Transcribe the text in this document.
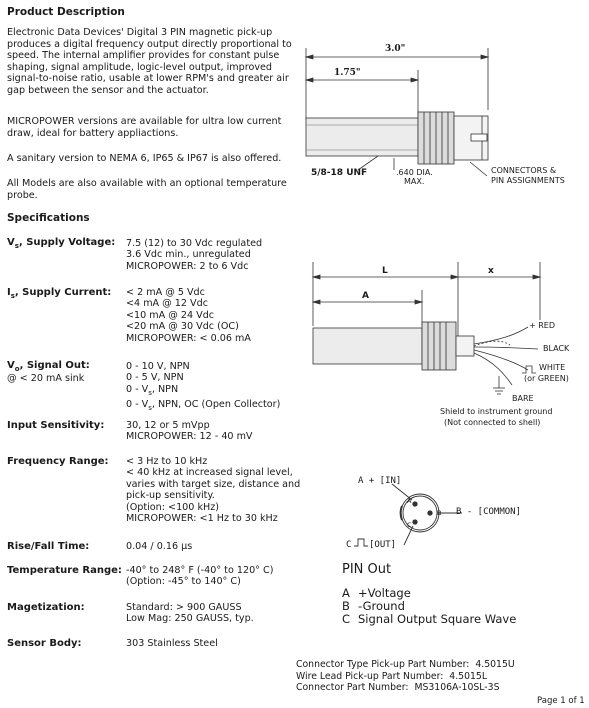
Product Description
Electronic Data Devices' Digital 3 PIN magnetic pick-up
produces a digital frequency output directly proportional to
speed. The internal amplifier provides for constant pulse
shaping, signal amplitude, logic-level output, improved
signal-to-noise ratio, usable at lower RPM's and greater air
gap between the sensor and the actuator.
MICROPOWER versions are available for ultra low current
draw, ideal for battery appliactions.
A sanitary version to NEMA 6, IP65 & IP67 is also offered.
All Models are also available with an optional temperature
probe.
Specifications
$V_s$, Supply Voltage: 7.5 (12) to 30 Vdc regulated
3.6 Vdc min., unregulated
MICROPOWER: 2 to 6 Vdc
$I_s$, Supply Current: < 2 mA @ 5 Vdc
<4 mA @ 12 Vdc
<10 mA @ 24 Vdc
<20 mA @ 30 Vdc (OC)
MICROPOWER: < 0.06 mA
$V_o$, Signal Out:
@ < 20 mA sink
0 - 10 V, NPN
0 - 5 V, NPN
$0 - V_s$, NPN
$0 - V_s$, NPN, OC (Open Collector)
Input Sensitivity: 30, 12 or 5 mVpp
MICROPOWER: 12 - 40 mV
Frequency Range: < 3 Hz to 10 kHz
< 40 kHz at increased signal level,
varies with target size, distance and
pick-up sensitivity.
(Option: <100 kHz)
MICROPOWER: <1 Hz to 30 kHz
Rise/Fall Time:	0.04 / 0.16 µs
Temperature Range: -40° to 248° F (-40° to 120° C)
(Option: -45° to 140° C)
Magetization:	Standard: > 900 GAUSS
Low Mag: 250 GAUSS, typ.
Sensor Body:	303 Stainless Steel
3.0"
1.75"
5/8-18 UNF	.640 DIA.
MAX.
CONNECTORS &
PIN ASSIGNMENTS
L	x
A
+ RED
BLACK
WHITE
(or GREEN)
BARE
Shield to instrument ground
(Not connected to shell)
A + [IN]
B - [COMMON]
C [OUT]
A
B
C
PIN Out
A +Voltage
B -Ground
C Signal Output Square Wave
Connector Type Pick-up Part Number: 4.5015U
Wire Lead Pick-up Part Number: 4.5015L
Connector Part Number: MS3106A-10SL-3S
Page 1 of 1
